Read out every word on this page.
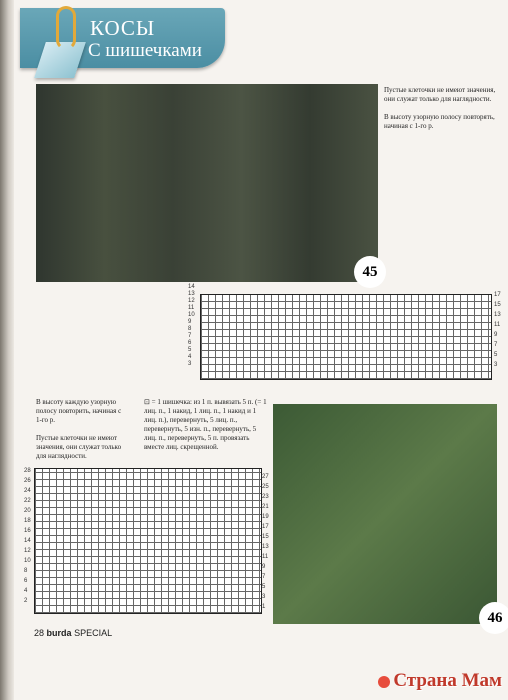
КОСЫ
С шишечками
45

Пустые клеточки не имеют значения, они служат только для наглядности.

В высоту узорную полосу повторять, начиная с 1-го р.

14
13
12
11
10
9
8
7
6
5
4
3
17
15
13
11
9
7
5
3

В высоту каждую узорную полосу повторить, начиная с 1-го р.

Пустые клеточки не имеют значения, они служат только для наглядности.

⊡ = 1 шишечка: из 1 п. вывязать 5 п. (= 1 лиц. п., 1 накид, 1 лиц. п., 1 накид и 1 лиц. п.), перевернуть, 5 лиц. п., перевернуть, 5 изн. п., перевернуть, 5 лиц. п., перевернуть, 5 п. провязать вместе лиц. скрещенной.
28
26
24
22
20
18
16
14
12
10
8
6
4
2
27
25
23
21
19
17
15
13
11
9
7
5
3
1
46
28 burda SPECIAL
Страна Мам
